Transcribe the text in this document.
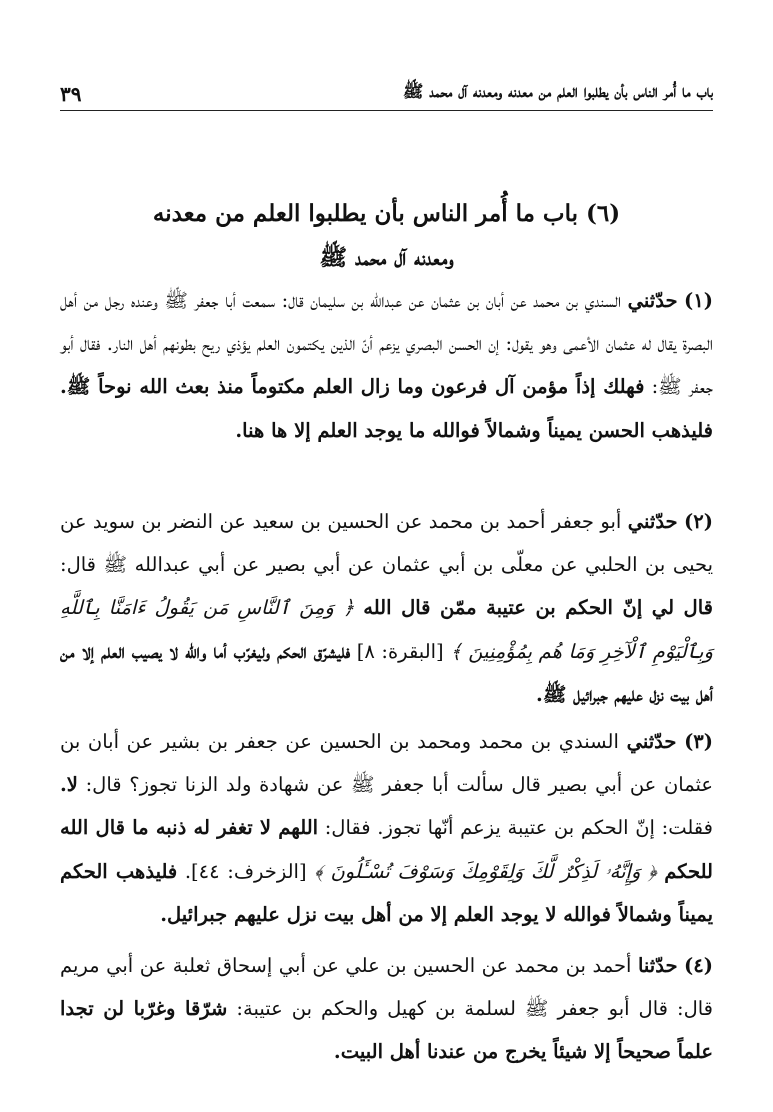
باب ما أُمر الناس بأن يطلبوا العلم من معدنه ومعدنه آل محمد ﷺ
٣٩
(٦) باب ما أُمر الناس بأن يطلبوا العلم من معدنه
ومعدنه آل محمد ﷺ
(١) حدّثني السندي بن محمد عن أبان بن عثمان عن عبدالله بن سليمان قال: سمعت أبا جعفر ﷺ وعنده رجل من أهل البصرة يقال له عثمان الأعمى وهو يقول: إن الحسن البصري يزعم أنّ الذين يكتمون العلم يؤذي ريح بطونهم أهل النار. فقال أبو جعفر ﷺ: فهلك إذاً مؤمن آل فرعون وما زال العلم مكتوماً منذ بعث الله نوحاً ﷺ. فليذهب الحسن يميناً وشمالاً فوالله ما يوجد العلم إلا ها هنا.
(٢) حدّثني أبو جعفر أحمد بن محمد عن الحسين بن سعيد عن النضر بن سويد عن يحيى بن الحلبي عن معلّى بن أبي عثمان عن أبي بصير عن أبي عبدالله ﷺ قال: قال لي إنّ الحكم بن عتيبة ممّن قال الله ﴿ وَمِنَ ٱلنَّاسِ مَن يَقُولُ ءَامَنَّا بِٱللَّهِ وَبِٱلْيَوْمِ ٱلْآخِرِ وَمَا هُم بِمُؤْمِنِينَ ﴾ [البقرة: ٨] فليشرّق الحكم وليغرّب أما والله لا يصيب العلم إلا من أهل بيت نزل عليهم جبرائيل ﷺ.
(٣) حدّثني السندي بن محمد ومحمد بن الحسين عن جعفر بن بشير عن أبان بن عثمان عن أبي بصير قال سألت أبا جعفر ﷺ عن شهادة ولد الزنا تجوز؟ قال: لا. فقلت: إنّ الحكم بن عتيبة يزعم أنّها تجوز. فقال: اللهم لا تغفر له ذنبه ما قال الله للحكم ﴿ وَإِنَّهُۥ لَذِكْرٌ لَّكَ وَلِقَوْمِكَ وَسَوْفَ تُسْـَٔلُونَ ﴾ [الزخرف: ٤٤]. فليذهب الحكم يميناً وشمالاً فوالله لا يوجد العلم إلا من أهل بيت نزل عليهم جبرائيل.
(٤) حدّثنا أحمد بن محمد عن الحسين بن علي عن أبي إسحاق ثعلبة عن أبي مريم قال: قال أبو جعفر ﷺ لسلمة بن كهيل والحكم بن عتيبة: شرّقا وغرّبا لن تجدا علماً صحيحاً إلا شيئاً يخرج من عندنا أهل البيت.
